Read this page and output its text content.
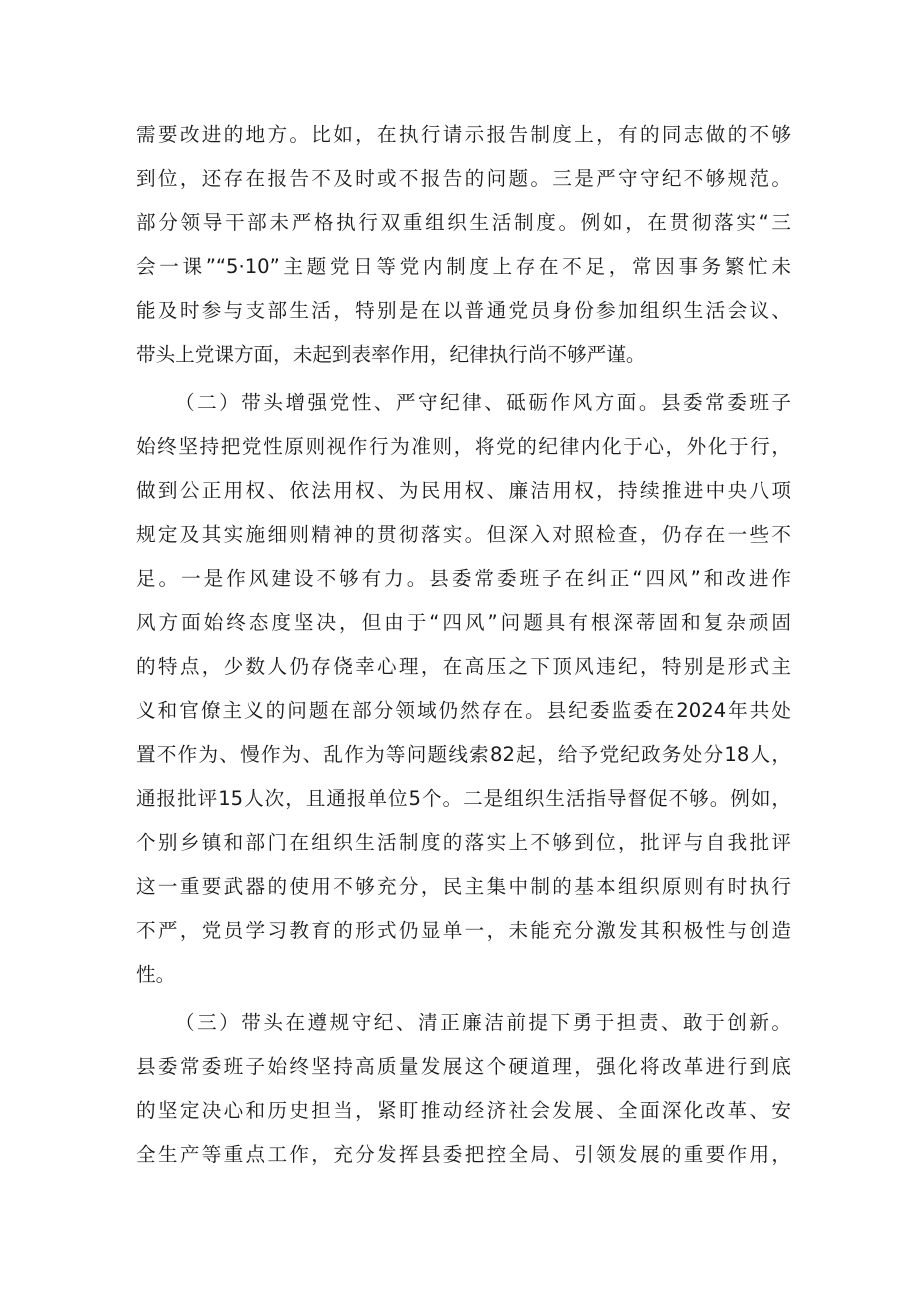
需要改进的地方。比如，在执行请示报告制度上，有的同志做的不够
到位，还存在报告不及时或不报告的问题。三是严守守纪不够规范。
部分领导干部未严格执行双重组织生活制度。例如，在贯彻落实“三
会一课”“5·10”主题党日等党内制度上存在不足，常因事务繁忙未
能及时参与支部生活，特别是在以普通党员身份参加组织生活会议、
带头上党课方面，未起到表率作用，纪律执行尚不够严谨。
（二）带头增强党性、严守纪律、砥砺作风方面。县委常委班子
始终坚持把党性原则视作行为准则，将党的纪律内化于心，外化于行，
做到公正用权、依法用权、为民用权、廉洁用权，持续推进中央八项
规定及其实施细则精神的贯彻落实。但深入对照检查，仍存在一些不
足。一是作风建设不够有力。县委常委班子在纠正“四风”和改进作
风方面始终态度坚决，但由于“四风”问题具有根深蒂固和复杂顽固
的特点，少数人仍存侥幸心理，在高压之下顶风违纪，特别是形式主
义和官僚主义的问题在部分领域仍然存在。县纪委监委在2024年共处
置不作为、慢作为、乱作为等问题线索82起，给予党纪政务处分18人，
通报批评15人次，且通报单位5个。二是组织生活指导督促不够。例如，
个别乡镇和部门在组织生活制度的落实上不够到位，批评与自我批评
这一重要武器的使用不够充分，民主集中制的基本组织原则有时执行
不严，党员学习教育的形式仍显单一，未能充分激发其积极性与创造
性。
（三）带头在遵规守纪、清正廉洁前提下勇于担责、敢于创新。
县委常委班子始终坚持高质量发展这个硬道理，强化将改革进行到底
的坚定决心和历史担当，紧盯推动经济社会发展、全面深化改革、安
全生产等重点工作，充分发挥县委把控全局、引领发展的重要作用，
